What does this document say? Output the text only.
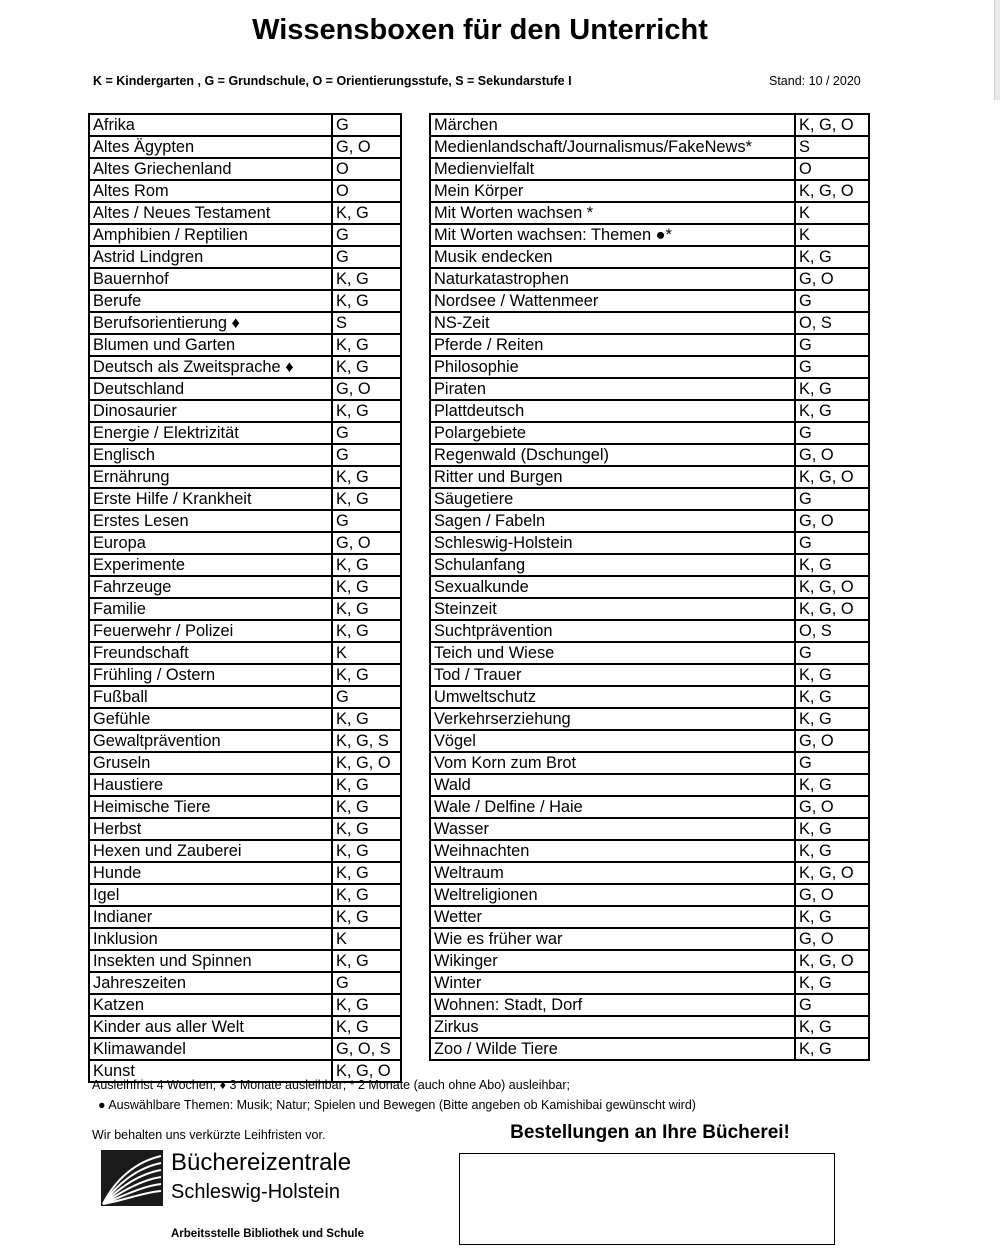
Wissensboxen für den Unterricht
K = Kindergarten , G = Grundschule, O = Orientierungsstufe, S = Sekundarstufe I	Stand: 10 / 2020
Afrika	G
Altes Ägypten	G, O
Altes Griechenland	O
Altes Rom	O
Altes / Neues Testament	K, G
Amphibien / Reptilien	G
Astrid Lindgren	G
Bauernhof	K, G
Berufe	K, G
Berufsorientierung ♦	S
Blumen und Garten	K, G
Deutsch als Zweitsprache ♦	K, G
Deutschland	G, O
Dinosaurier	K, G
Energie / Elektrizität	G
Englisch	G
Ernährung	K, G
Erste Hilfe / Krankheit	K, G
Erstes Lesen	G
Europa	G, O
Experimente	K, G
Fahrzeuge	K, G
Familie	K, G
Feuerwehr / Polizei	K, G
Freundschaft	K
Frühling / Ostern	K, G
Fußball	G
Gefühle	K, G
Gewaltprävention	K, G, S
Gruseln	K, G, O
Haustiere	K, G
Heimische Tiere	K, G
Herbst	K, G
Hexen und Zauberei	K, G
Hunde	K, G
Igel	K, G
Indianer	K, G
Inklusion	K
Insekten und Spinnen	K, G
Jahreszeiten	G
Katzen	K, G
Kinder aus aller Welt	K, G
Klimawandel	G, O, S
Kunst	K, G, O
Märchen	K, G, O
Medienlandschaft/Journalismus/FakeNews*	S
Medienvielfalt	O
Mein Körper	K, G, O
Mit Worten wachsen *	K
Mit Worten wachsen: Themen ●*	K
Musik endecken	K, G
Naturkatastrophen	G, O
Nordsee / Wattenmeer	G
NS-Zeit	O, S
Pferde / Reiten	G
Philosophie	G
Piraten	K, G
Plattdeutsch	K, G
Polargebiete	G
Regenwald (Dschungel)	G, O
Ritter und Burgen	K, G, O
Säugetiere	G
Sagen / Fabeln	G, O
Schleswig-Holstein	G
Schulanfang	K, G
Sexualkunde	K, G, O
Steinzeit	K, G, O
Suchtprävention	O, S
Teich und Wiese	G
Tod / Trauer	K, G
Umweltschutz	K, G
Verkehrserziehung	K, G
Vögel	G, O
Vom Korn zum Brot	G
Wald	K, G
Wale / Delfine / Haie	G, O
Wasser	K, G
Weihnachten	K, G
Weltraum	K, G, O
Weltreligionen	G, O
Wetter	K, G
Wie es früher war	G, O
Wikinger	K, G, O
Winter	K, G
Wohnen: Stadt, Dorf	G
Zirkus	K, G
Zoo / Wilde Tiere	K, G
Ausleihfrist 4 Wochen; ♦ 3 Monate ausleihbar; * 2 Monate (auch ohne Abo) ausleihbar;
● Auswählbare Themen: Musik; Natur; Spielen und Bewegen (Bitte angeben ob Kamishibai gewünscht wird)
Wir behalten uns verkürzte Leihfristen vor.	Bestellungen an Ihre Bücherei!
Büchereizentrale
Schleswig-Holstein
Arbeitsstelle Bibliothek und Schule
